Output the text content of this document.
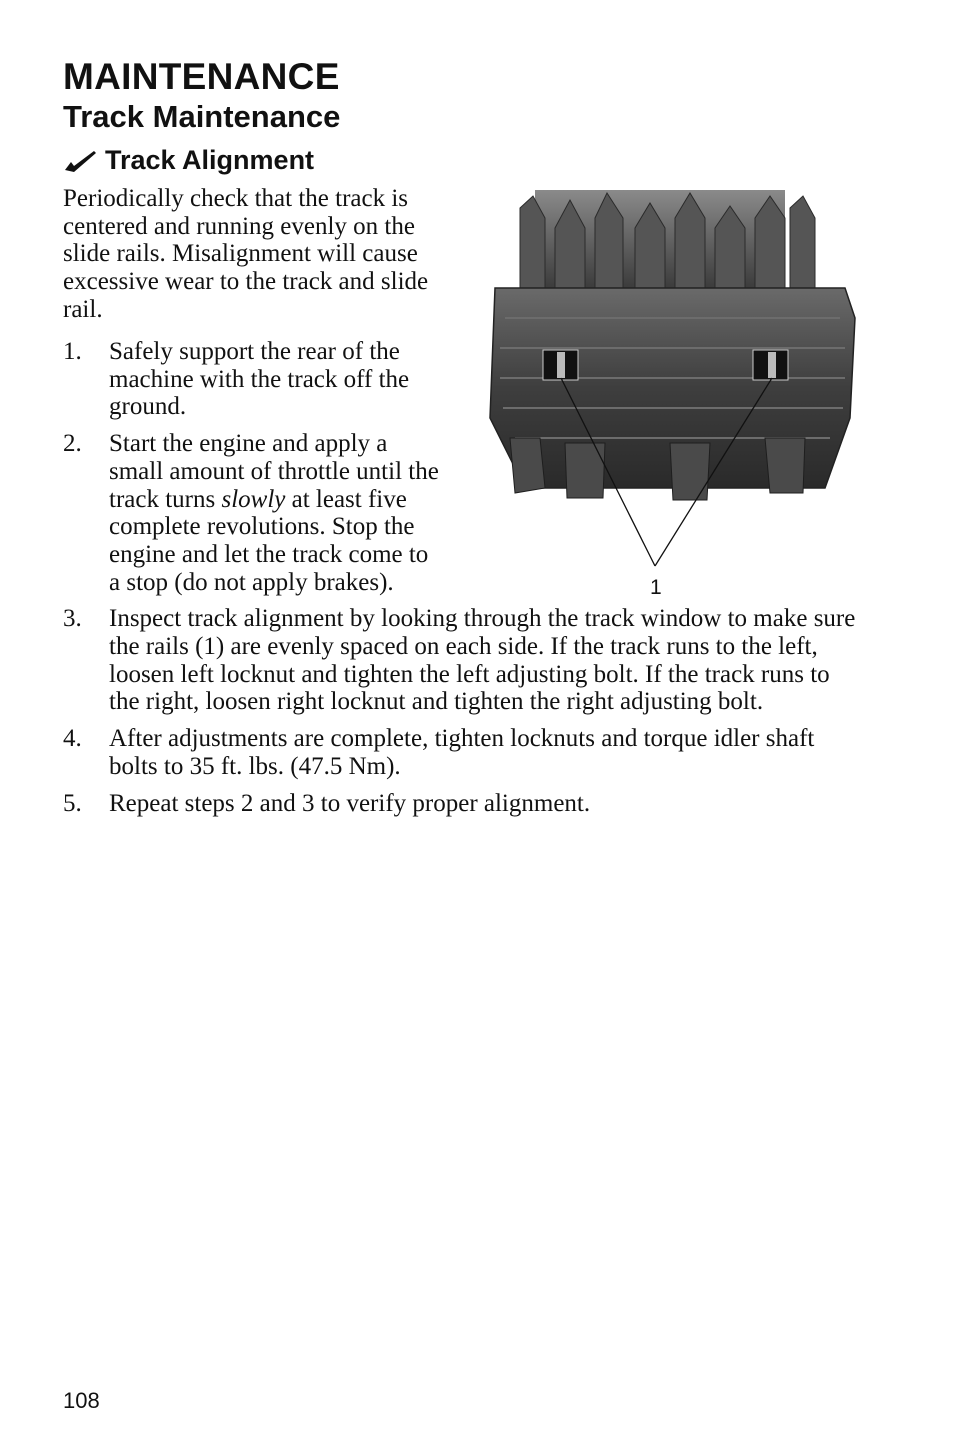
MAINTENANCE
Track Maintenance
Track Alignment

Periodically check that the track is centered and running evenly on the slide rails. Misalignment will cause excessive wear to the track and slide rail.

1. Safely support the rear of the machine with the track off the ground.
2. Start the engine and apply a small amount of throttle until the track turns slowly at least five complete revolutions. Stop the engine and let the track come to a stop (do not apply brakes).
3. Inspect track alignment by looking through the track window to make sure the rails (1) are evenly spaced on each side. If the track runs to the left, loosen left locknut and tighten the left adjusting bolt. If the track runs to the right, loosen right locknut and tighten the right adjusting bolt.
4. After adjustments are complete, tighten locknuts and torque idler shaft bolts to 35 ft. lbs. (47.5 Nm).
5. Repeat steps 2 and 3 to verify proper alignment.
1
108
